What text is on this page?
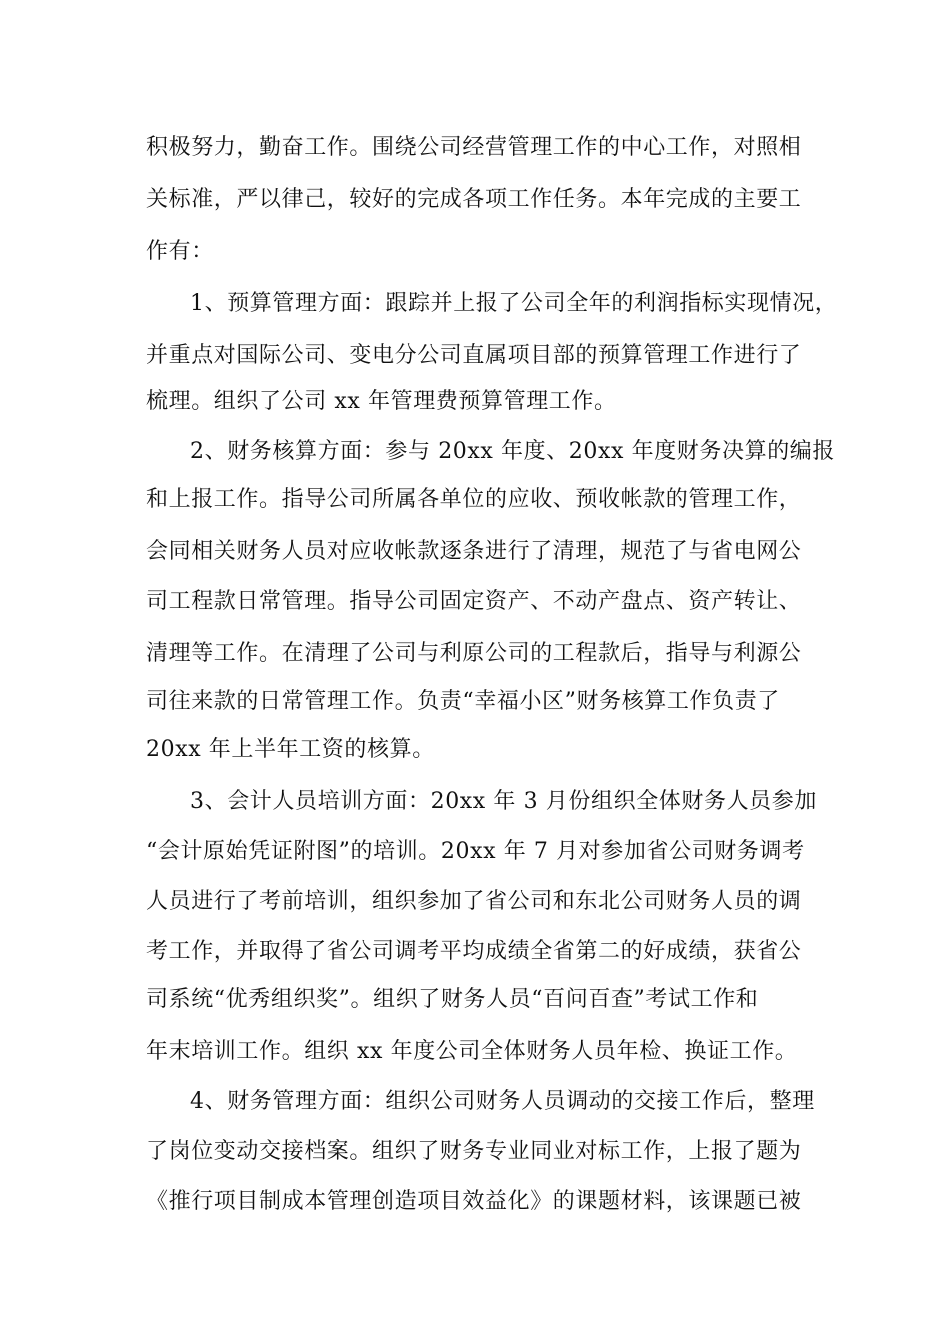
积极努力，勤奋工作。围绕公司经营管理工作的中心工作，对照相
关标准，严以律己，较好的完成各项工作任务。本年完成的主要工
作有：
1、预算管理方面：跟踪并上报了公司全年的利润指标实现情况，
并重点对国际公司、变电分公司直属项目部的预算管理工作进行了
梳理。组织了公司 xx 年管理费预算管理工作。
2、财务核算方面：参与 20xx 年度、20xx 年度财务决算的编报
和上报工作。指导公司所属各单位的应收、预收帐款的管理工作，
会同相关财务人员对应收帐款逐条进行了清理，规范了与省电网公
司工程款日常管理。指导公司固定资产、不动产盘点、资产转让、
清理等工作。在清理了公司与利原公司的工程款后，指导与利源公
司往来款的日常管理工作。负责“幸福小区”财务核算工作负责了
20xx 年上半年工资的核算。
3、会计人员培训方面：20xx 年 3 月份组织全体财务人员参加
“会计原始凭证附图”的培训。20xx 年 7 月对参加省公司财务调考
人员进行了考前培训，组织参加了省公司和东北公司财务人员的调
考工作，并取得了省公司调考平均成绩全省第二的好成绩，获省公
司系统“优秀组织奖”。组织了财务人员“百问百查”考试工作和
年末培训工作。组织 xx 年度公司全体财务人员年检、换证工作。
4、财务管理方面：组织公司财务人员调动的交接工作后，整理
了岗位变动交接档案。组织了财务专业同业对标工作，上报了题为
《推行项目制成本管理创造项目效益化》的课题材料，该课题已被
